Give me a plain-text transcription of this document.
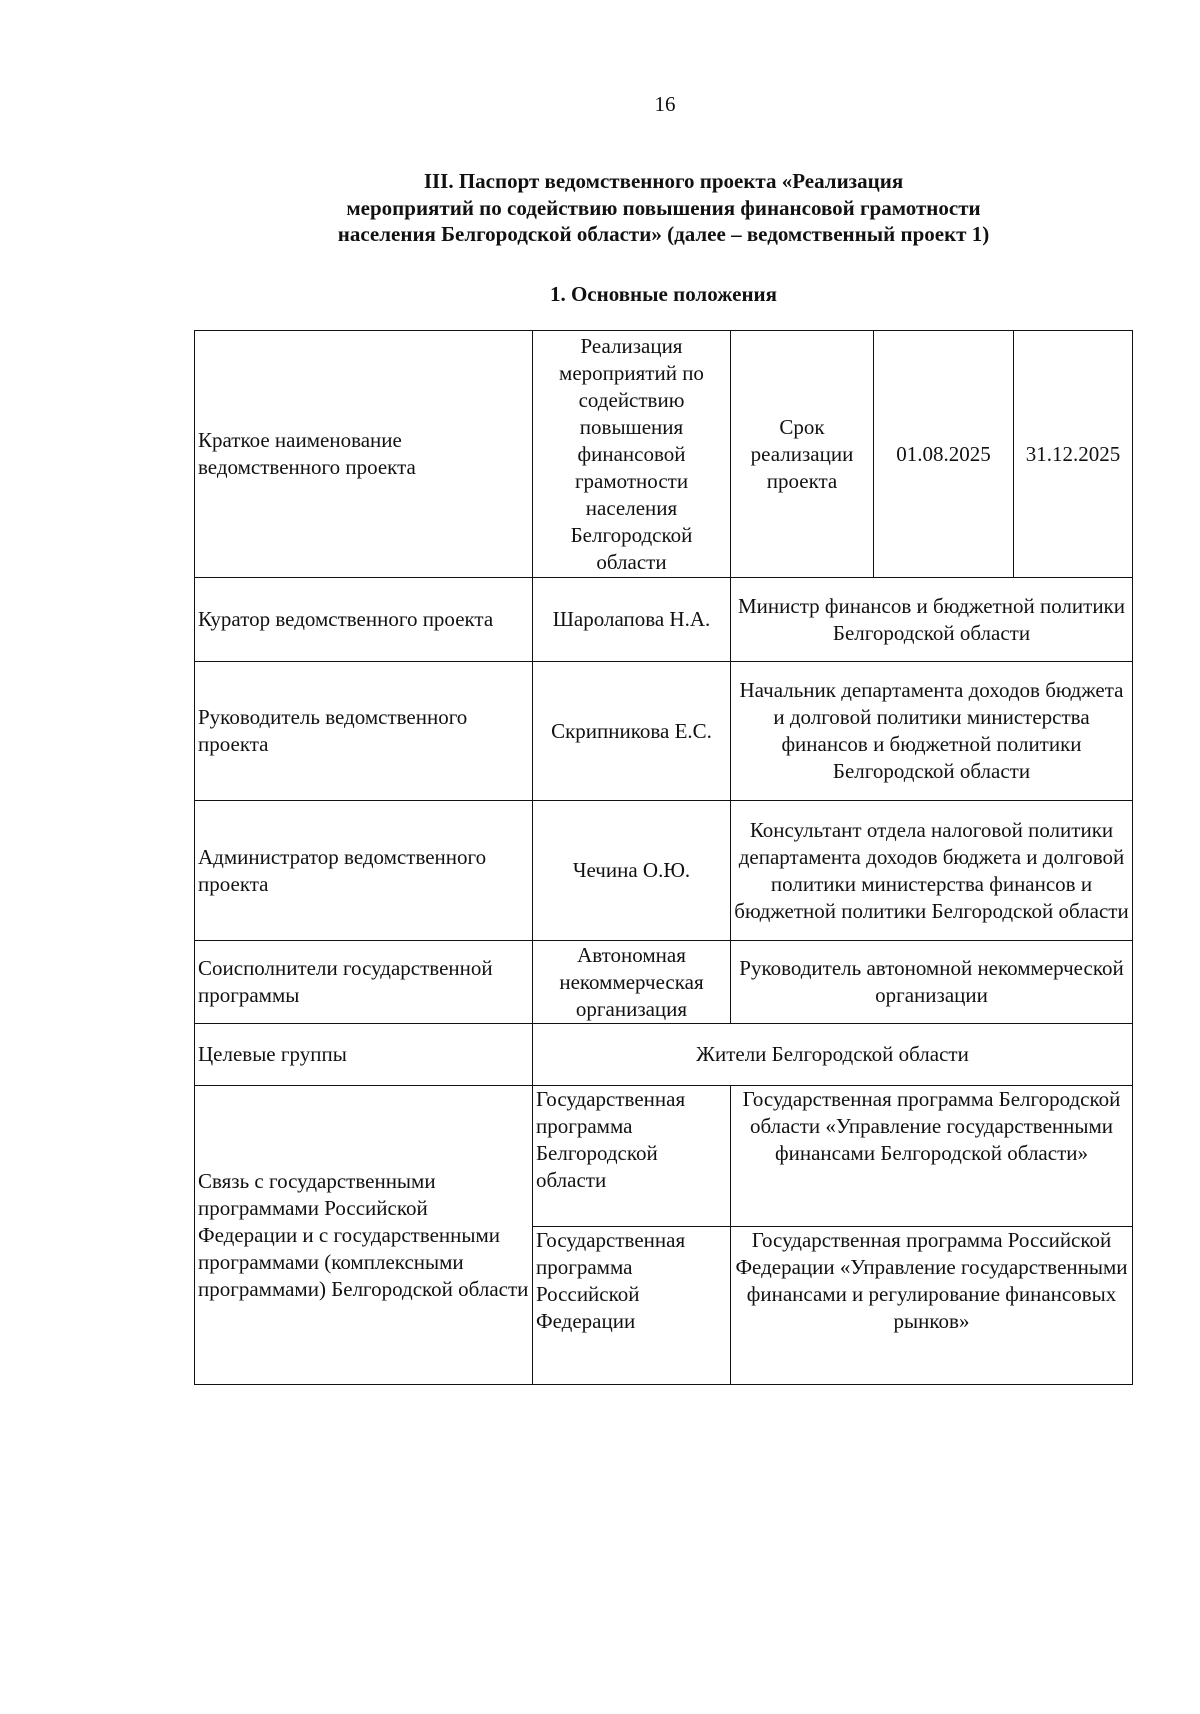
16
III. Паспорт ведомственного проекта «Реализация
мероприятий по содействию повышения финансовой грамотности
населения Белгородской области» (далее – ведомственный проект 1)
1. Основные положения
Краткое наименование ведомственного проекта	Реализация мероприятий по содействию повышения финансовой грамотности населения Белгородской области	Срок реализации проекта	01.08.2025	31.12.2025
Куратор ведомственного проекта	Шаролапова Н.А.	Министр финансов и бюджетной политики Белгородской области		
Руководитель ведомственного проекта	Скрипникова Е.С.	Начальник департамента доходов бюджета и долговой политики министерства финансов и бюджетной политики Белгородской области		
Администратор ведомственного проекта	Чечина О.Ю.	Консультант отдела налоговой политики департамента доходов бюджета и долговой политики министерства финансов и бюджетной политики Белгородской области		
Соисполнители государственной программы	Автономная некоммерческая организация	Руководитель автономной некоммерческой организации		
Целевые группы	Жители Белгородской области			
Связь с государственными программами Российской Федерации и с государственными программами (комплексными программами) Белгородской области	Государственная программа Белгородской области	Государственная программа Белгородской области «Управление государственными финансами Белгородской области»		
	Государственная программа Российской Федерации	Государственная программа Российской Федерации «Управление государственными финансами и регулирование финансовых рынков»		
